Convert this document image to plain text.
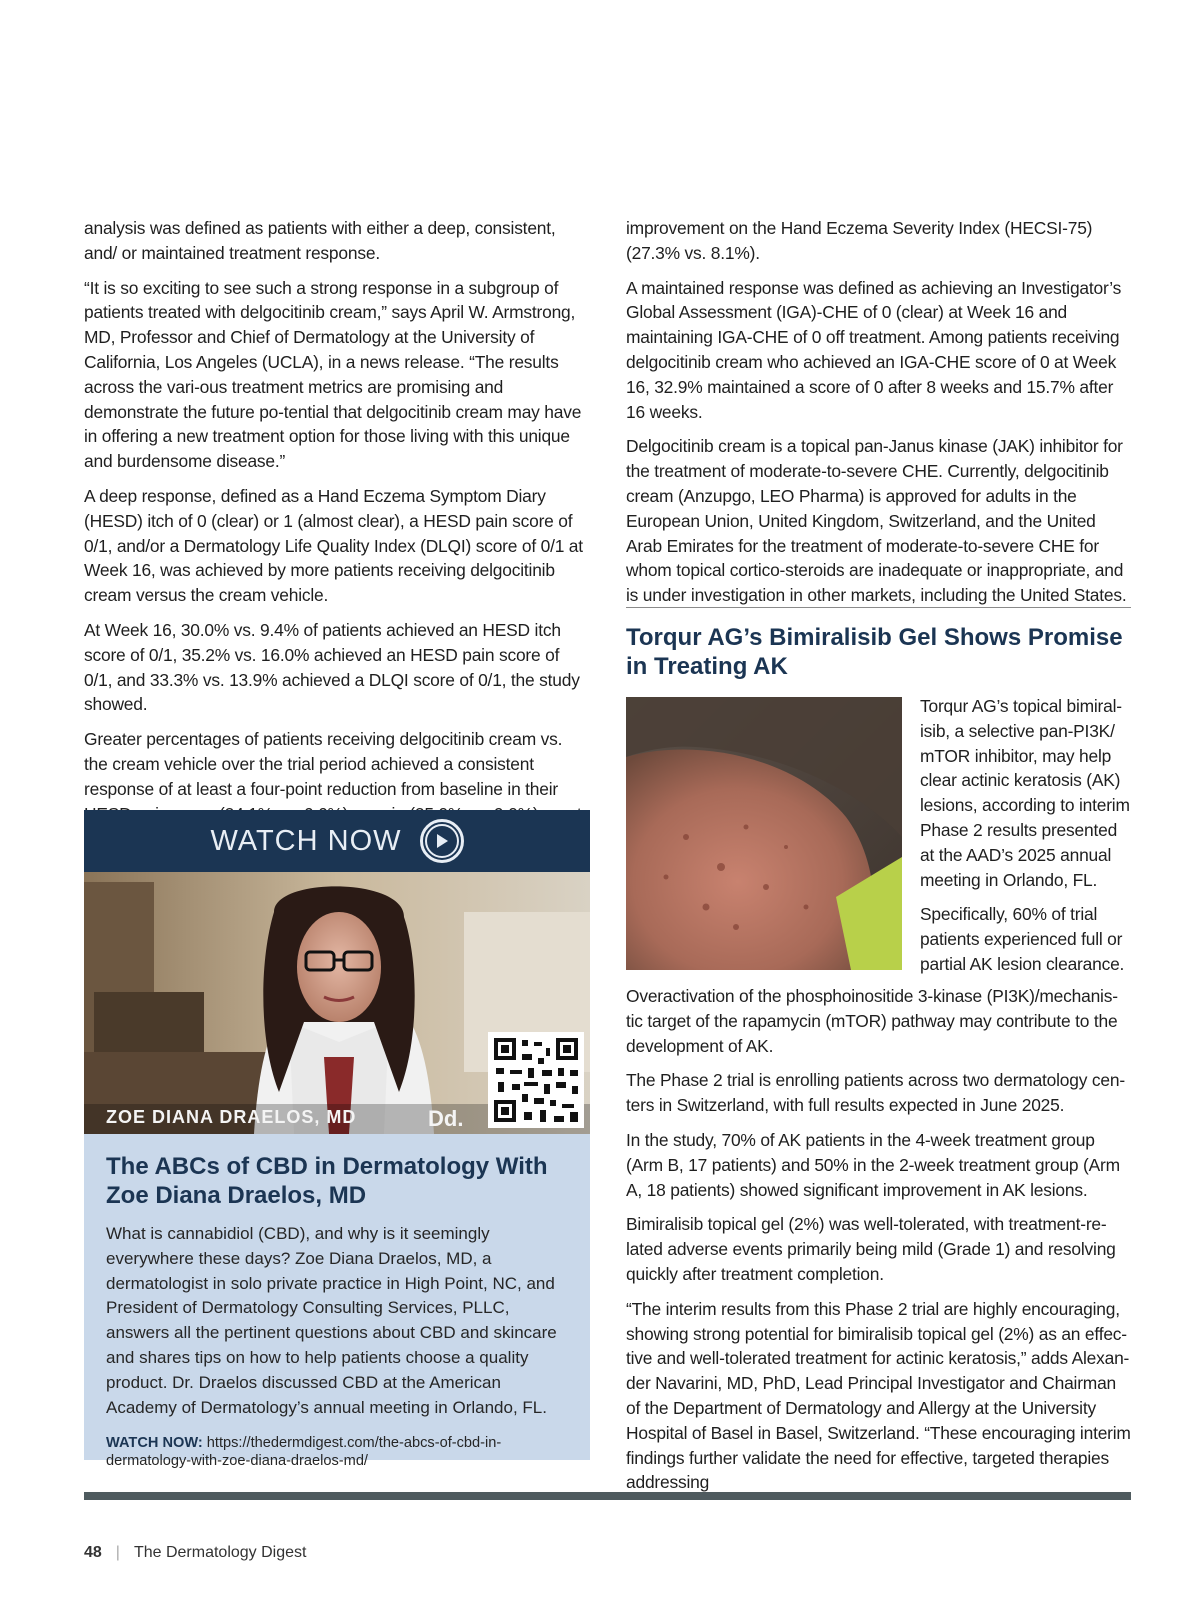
analysis was defined as patients with either a deep, consistent, and/ or maintained treatment response.

“It is so exciting to see such a strong response in a subgroup of patients treated with delgocitinib cream,” says April W. Armstrong, MD, Professor and Chief of Dermatology at the University of California, Los Angeles (UCLA), in a news release. “The results across the vari-ous treatment metrics are promising and demonstrate the future po-tential that delgocitinib cream may have in offering a new treatment option for those living with this unique and burdensome disease.”

A deep response, defined as a Hand Eczema Symptom Diary (HESD) itch of 0 (clear) or 1 (almost clear), a HESD pain score of 0/1, and/or a Dermatology Life Quality Index (DLQI) score of 0/1 at Week 16, was achieved by more patients receiving delgocitinib cream versus the cream vehicle.

At Week 16, 30.0% vs. 9.4% of patients achieved an HESD itch score of 0/1, 35.2% vs. 16.0% achieved an HESD pain score of 0/1, and 33.3% vs. 13.9% achieved a DLQI score of 0/1, the study showed.

Greater percentages of patients receiving delgocitinib cream vs. the cream vehicle over the trial period achieved a consistent response of at least a four-point reduction from baseline in their

WATCH NOW
Dd.
ZOE DIANA DRAELOS, MD
The ABCs of CBD in Dermatology With Zoe Diana Draelos, MD

What is cannabidiol (CBD), and why is it seemingly everywhere these days? Zoe Diana Draelos, MD, a dermatologist in solo private practice in High Point, NC, and President of Dermatology Consulting Services, PLLC, answers all the pertinent questions about CBD and skincare and shares tips on how to help patients choose a quality product. Dr. Draelos discussed CBD at the American Academy of Dermatology’s annual meeting in Orlando, FL.

WATCH NOW: https://thedermdigest.com/the-abcs-of-cbd-in-dermatology-with-zoe-diana-draelos-md/

improvement on the Hand Eczema Severity Index (HECSI-75) (27.3% vs. 8.1%).

A maintained response was defined as achieving an Investigator’s Global Assessment (IGA)-CHE of 0 (clear) at Week 16 and maintaining IGA-CHE of 0 off treatment. Among patients receiving delgocitinib cream who achieved an IGA-CHE score of 0 at Week 16, 32.9% maintained a score of 0 after 8 weeks and 15.7% after 16 weeks.

Delgocitinib cream is a topical pan-Janus kinase (JAK) inhibitor for the treatment of moderate-to-severe CHE. Currently, delgocitinib cream (Anzupgo, LEO Pharma) is approved for adults in the European Union, United Kingdom, Switzerland, and the United Arab Emirates for the treatment of moderate-to-severe CHE for whom topical cortico-steroids are inadequate or inappropriate, and is under investigation in other markets, including the United States.

Torqur AG’s Bimiralisib Gel Shows Promise in Treating AK

Torqur AG’s topical bimiral-isib, a selective pan-PI3K/ mTOR inhibitor, may help clear actinic keratosis (AK) lesions, according to interim Phase 2 results presented at the AAD’s 2025 annual meeting in Orlando, FL.

Specifically, 60% of trial patients experienced full or partial AK lesion clearance.

Overactivation of the phosphoinositide 3-kinase (PI3K)/mechanis-tic target of the rapamycin (mTOR) pathway may contribute to the development of AK.

The Phase 2 trial is enrolling patients across two dermatology cen-ters in Switzerland, with full results expected in June 2025.

In the study, 70% of AK patients in the 4-week treatment group (Arm B, 17 patients) and 50% in the 2-week treatment group (Arm A, 18 patients) showed significant improvement in AK lesions.

Bimiralisib topical gel (2%) was well-tolerated, with treatment-re-lated adverse events primarily being mild (Grade 1) and resolving quickly after treatment completion.

“The interim results from this Phase 2 trial are highly encouraging, showing strong potential for bimiralisib topical gel (2%) as an effec-tive and well-tolerated treatment for actinic keratosis,” adds Alexan-der Navarini, MD, PhD, Lead Principal Investigator and Chairman of the Department of Dermatology and Allergy at the University Hospital of Basel in Basel, Switzerland. “These encouraging interim findings further validate the need for effective, targeted therapies addressing

48 | The Dermatology Digest
